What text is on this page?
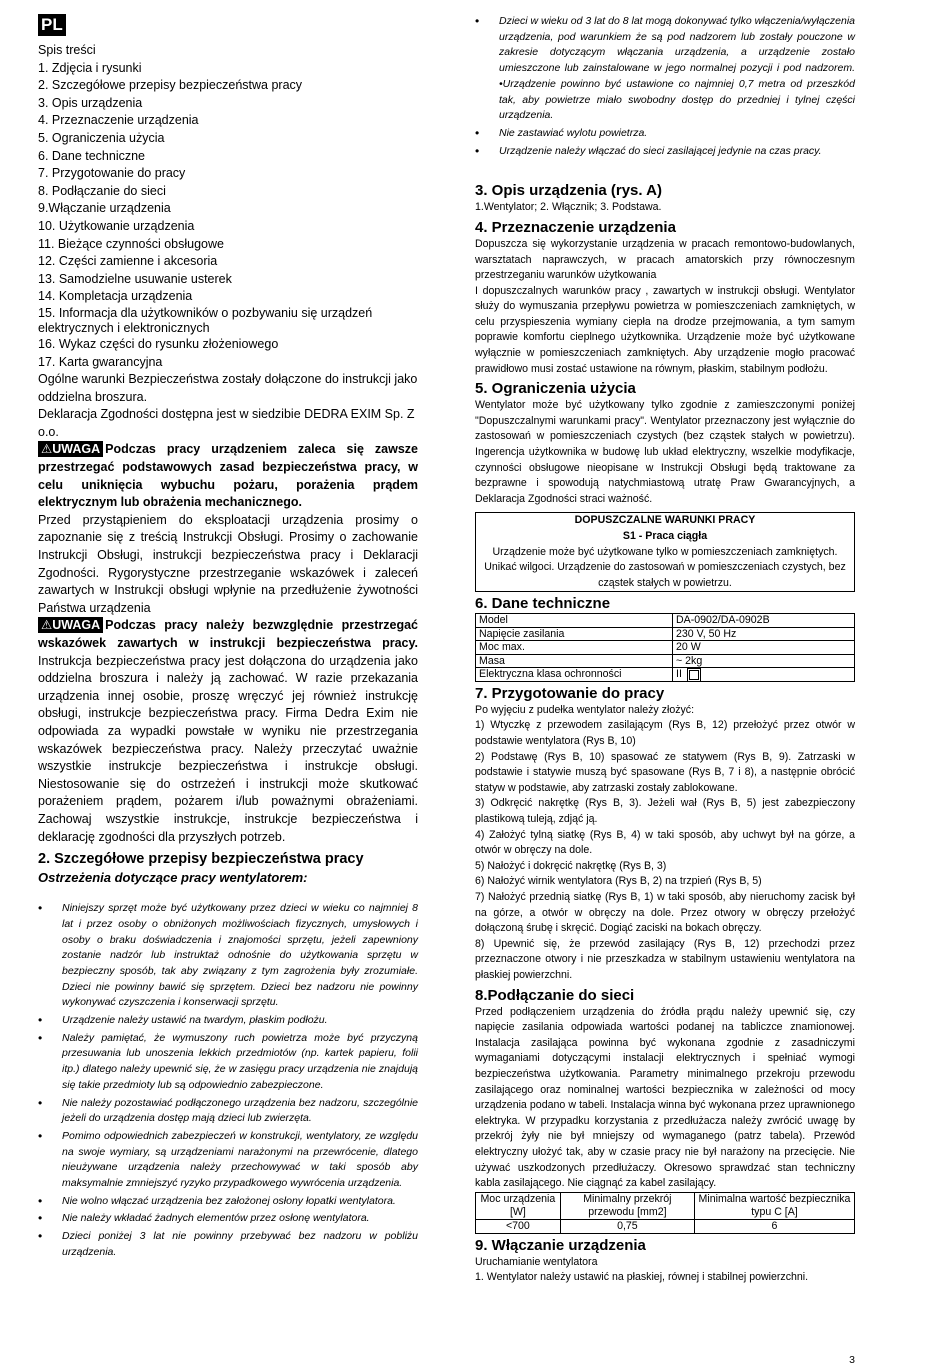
PL
Spis treści
1. Zdjęcia i rysunki
2. Szczegółowe przepisy bezpieczeństwa pracy
3. Opis urządzenia
4. Przeznaczenie urządzenia
5. Ograniczenia użycia
6. Dane techniczne
7. Przygotowanie do pracy
8. Podłączanie do sieci
9.Włączanie urządzenia
10. Użytkowanie urządzenia
11. Bieżące czynności obsługowe
12. Części zamienne i akcesoria
13. Samodzielne usuwanie usterek
14. Kompletacja urządzenia
15. Informacja dla użytkowników o pozbywaniu się urządzeń elektrycznych i elektronicznych
16. Wykaz części do rysunku złożeniowego
17. Karta gwarancyjna
Ogólne warunki Bezpieczeństwa zostały dołączone do instrukcji jako oddzielna broszura.
Deklaracja Zgodności dostępna jest w siedzibie DEDRA EXIM Sp. Z o.o.
⚠UWAGA Podczas pracy urządzeniem zaleca się zawsze przestrzegać podstawowych zasad bezpieczeństwa pracy, w celu uniknięcia wybuchu pożaru, porażenia prądem elektrycznym lub obrażenia mechanicznego.
Przed przystąpieniem do eksploatacji urządzenia prosimy o zapoznanie się z treścią Instrukcji Obsługi. Prosimy o zachowanie Instrukcji Obsługi, instrukcji bezpieczeństwa pracy i Deklaracji Zgodności. Rygorystyczne przestrzeganie wskazówek i zaleceń zawartych w Instrukcji obsługi wpłynie na przedłużenie żywotności Państwa urządzenia
⚠UWAGA Podczas pracy należy bezwzględnie przestrzegać wskazówek zawartych w instrukcji bezpieczeństwa pracy. Instrukcja bezpieczeństwa pracy jest dołączona do urządzenia jako oddzielna broszura i należy ją zachować. W razie przekazania urządzenia innej osobie, proszę wręczyć jej również instrukcję obsługi, instrukcje bezpieczeństwa pracy. Firma Dedra Exim nie odpowiada za wypadki powstałe w wyniku nie przestrzegania wskazówek bezpieczeństwa pracy. Należy przeczytać uważnie wszystkie instrukcje bezpieczeństwa i instrukcje obsługi. Niestosowanie się do ostrzeżeń i instrukcji może skutkować porażeniem prądem, pożarem i/lub poważnymi obrażeniami. Zachowaj wszystkie instrukcje, instrukcje bezpieczeństwa i deklarację zgodności dla przyszłych potrzeb.
2. Szczegółowe przepisy bezpieczeństwa pracy
Ostrzeżenia dotyczące pracy wentylatorem:
• Niniejszy sprzęt może być użytkowany przez dzieci w wieku co najmniej 8 lat i przez osoby o obniżonych możliwościach fizycznych, umysłowych i osoby o braku doświadczenia i znajomości sprzętu, jeżeli zapewniony zostanie nadzór lub instruktaż odnośnie do użytkowania sprzętu w bezpieczny sposób, tak aby związany z tym zagrożenia były zrozumiałe. Dzieci nie powinny bawić się sprzętem. Dzieci bez nadzoru nie powinny wykonywać czyszczenia i konserwacji sprzętu.
• Urządzenie należy ustawić na twardym, płaskim podłożu.
• Należy pamiętać, że wymuszony ruch powietrza może być przyczyną przesuwania lub unoszenia lekkich przedmiotów (np. kartek papieru, folii itp.) dlatego należy upewnić się, że w zasięgu pracy urządzenia nie znajdują się takie przedmioty lub są odpowiednio zabezpieczone.
• Nie należy pozostawiać podłączonego urządzenia bez nadzoru, szczególnie jeżeli do urządzenia dostęp mają dzieci lub zwierzęta.
• Pomimo odpowiednich zabezpieczeń w konstrukcji, wentylatory, ze względu na swoje wymiary, są urządzeniami narażonymi na przewrócenie, dlatego nieużywane urządzenia należy przechowywać w taki sposób aby maksymalnie zmniejszyć ryzyko przypadkowego wywrócenia urządzenia.
• Nie wolno włączać urządzenia bez założonej osłony łopatki wentylatora.
• Nie należy wkładać żadnych elementów przez osłonę wentylatora.
• Dzieci poniżej 3 lat nie powinny przebywać bez nadzoru w pobliżu urządzenia.
• Dzieci w wieku od 3 lat do 8 lat mogą dokonywać tylko włączenia/wyłączenia urządzenia, pod warunkiem że są pod nadzorem lub zostały pouczone w zakresie dotyczącym włączania urządzenia, a urządzenie zostało umieszczone lub zainstalowane w jego normalnej pozycji i pod nadzorem. •Urządzenie powinno być ustawione co najmniej 0,7 metra od przeszkód tak, aby powietrze miało swobodny dostęp do przedniej i tylnej części urządzenia.
• Nie zastawiać wylotu powietrza.
• Urządzenie należy włączać do sieci zasilającej jedynie na czas pracy.
3. Opis urządzenia (rys. A)
1.Wentylator; 2. Włącznik; 3. Podstawa.
4. Przeznaczenie urządzenia
Dopuszcza się wykorzystanie urządzenia w pracach remontowo-budowlanych, warsztatach naprawczych, w pracach amatorskich przy równoczesnym przestrzeganiu warunków użytkowania
I dopuszczalnych warunków pracy , zawartych w instrukcji obsługi. Wentylator służy do wymuszania przepływu powietrza w pomieszczeniach zamkniętych, w celu przyspieszenia wymiany ciepła na drodze przejmowania, a tym samym poprawie komfortu cieplnego użytkownika. Urządzenie może być użytkowane wyłącznie w pomieszczeniach zamkniętych. Aby urządzenie mogło pracować prawidłowo musi zostać ustawione na równym, płaskim, stabilnym podłożu.
5. Ograniczenia użycia
Wentylator może być użytkowany tylko zgodnie z zamieszczonymi poniżej "Dopuszczalnymi warunkami pracy". Wentylator przeznaczony jest wyłącznie do zastosowań w pomieszczeniach czystych (bez cząstek stałych w powietrzu). Ingerencja użytkownika w budowę lub układ elektryczny, wszelkie modyfikacje, czynności obsługowe nieopisane w Instrukcji Obsługi będą traktowane za bezprawne i spowodują natychmiastową utratę Praw Gwarancyjnych, a Deklaracja Zgodności straci ważność.
DOPUSZCZALNE WARUNKI PRACY
S1 - Praca ciągła
Urządzenie może być użytkowane tylko w pomieszczeniach zamkniętych. Unikać wilgoci. Urządzenie do zastosowań w pomieszczeniach czystych, bez cząstek stałych w powietrzu.
6. Dane techniczne
Model	DA-0902/DA-0902B
Napięcie zasilania	230 V, 50 Hz
Moc max.	20 W
Masa	~ 2kg
Elektryczna klasa ochronności	II
7. Przygotowanie do pracy
Po wyjęciu z pudełka wentylator należy złożyć:
1) Wtyczkę z przewodem zasilającym (Rys B, 12) przełożyć przez otwór w podstawie wentylatora (Rys B, 10)
2) Podstawę (Rys B, 10) spasować ze statywem (Rys B, 9). Zatrzaski w podstawie i statywie muszą być spasowane (Rys B, 7 i 8), a następnie obrócić statyw w podstawie, aby zatrzaski zostały zablokowane.
3) Odkręcić nakrętkę (Rys B, 3). Jeżeli wał (Rys B, 5) jest zabezpieczony plastikową tuleją, zdjąć ją.
4) Założyć tylną siatkę (Rys B, 4) w taki sposób, aby uchwyt był na górze, a otwór w obręczy na dole.
5) Nałożyć i dokręcić nakrętkę (Rys B, 3)
6) Nałożyć wirnik wentylatora (Rys B, 2) na trzpień (Rys B, 5)
7) Nałożyć przednią siatkę (Rys B, 1) w taki sposób, aby nieruchomy zacisk był na górze, a otwór w obręczy na dole. Przez otwory w obręczy przełożyć dołączoną śrubę i skręcić. Dogiąć zaciski na bokach obręczy.
8) Upewnić się, że przewód zasilający (Rys B, 12) przechodzi przez przeznaczone otwory i nie przeszkadza w stabilnym ustawieniu wentylatora na płaskiej powierzchni.
8.Podłączanie do sieci
Przed podłączeniem urządzenia do źródła prądu należy upewnić się, czy napięcie zasilania odpowiada wartości podanej na tabliczce znamionowej. Instalacja zasilająca powinna być wykonana zgodnie z zasadniczymi wymaganiami dotyczącymi instalacji elektrycznych i spełniać wymogi bezpieczeństwa użytkowania. Parametry minimalnego przekroju przewodu zasilającego oraz nominalnej wartości bezpiecznika w zależności od mocy urządzenia podano w tabeli. Instalacja winna być wykonana przez uprawnionego elektryka. W przypadku korzystania z przedłużacza należy zwrócić uwagę by przekrój żyły nie był mniejszy od wymaganego (patrz tabela). Przewód elektryczny ułożyć tak, aby w czasie pracy nie był narażony na przecięcie. Nie używać uszkodzonych przedłużaczy. Okresowo sprawdzać stan techniczny kabla zasilającego. Nie ciągnąć za kabel zasilający.
Moc urządzenia [W]	Minimalny przekrój przewodu [mm2]	Minimalna wartość bezpiecznika typu C [A]
<700	0,75	6
9. Włączanie urządzenia
Uruchamianie wentylatora
1. Wentylator należy ustawić na płaskiej, równej i stabilnej powierzchni.
3
